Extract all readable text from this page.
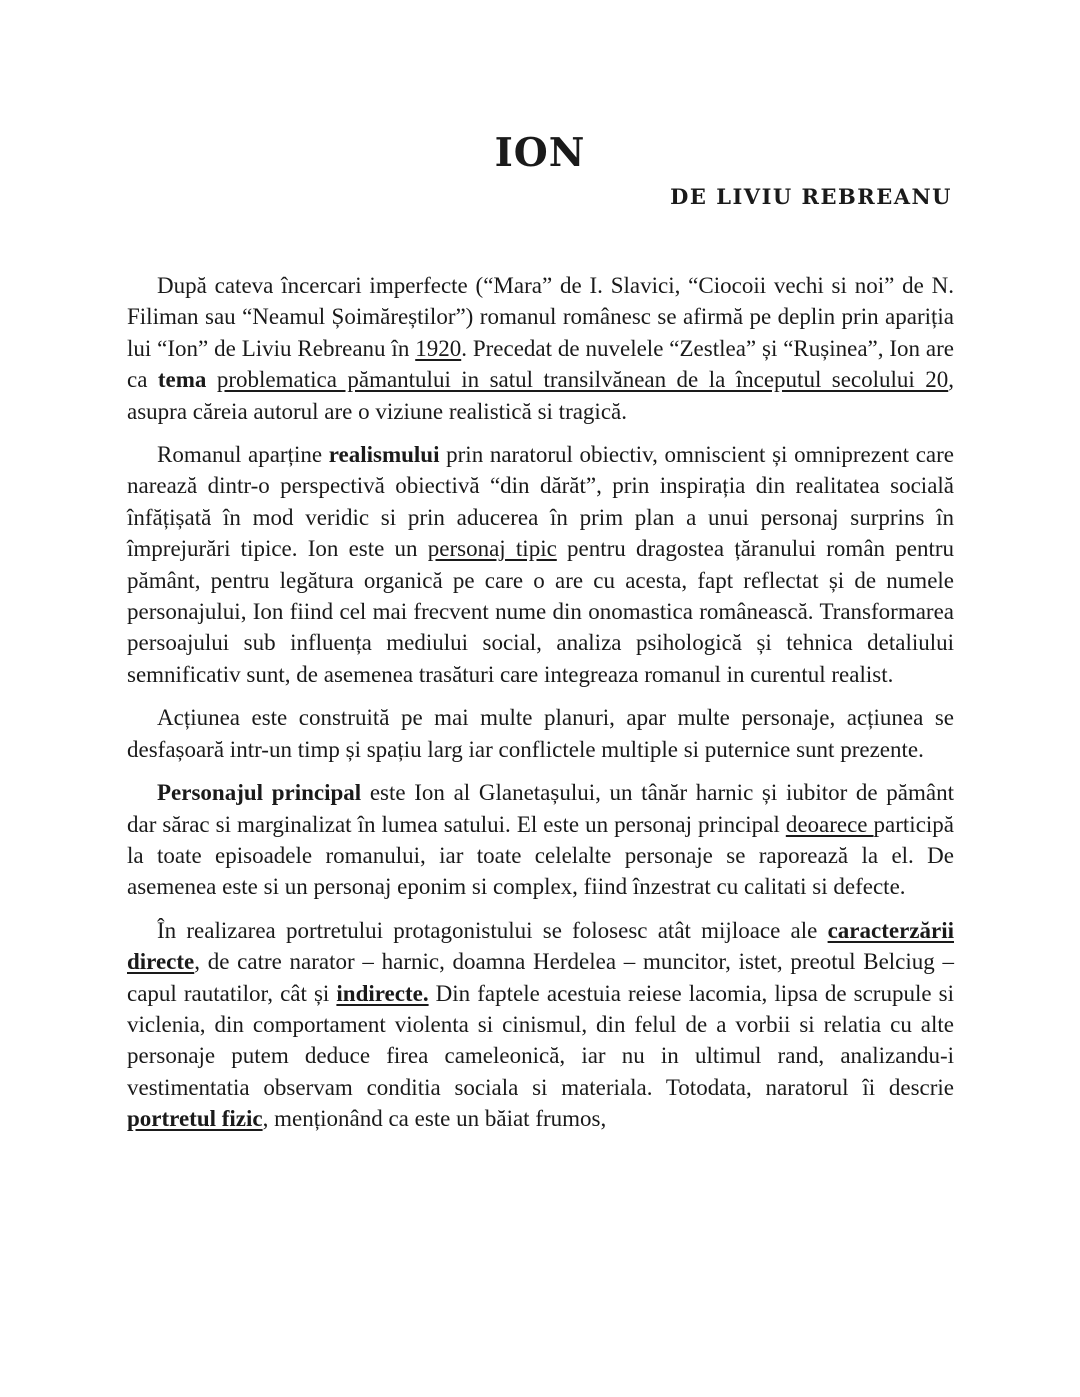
ION
DE LIVIU REBREANU

După cateva încercari imperfecte (“Mara” de I. Slavici, “Ciocoii vechi si noi” de N. Filiman sau “Neamul Șoimăreștilor”) romanul românesc se afirmă pe deplin prin apariția lui “Ion” de Liviu Rebreanu în 1920. Precedat de nuvelele “Zestlea” și “Rușinea”, Ion are ca tema problematica pămantului in satul transilvănean de la începutul secolului 20, asupra căreia autorul are o viziune realistică si tragică.

Romanul aparține realismului prin naratorul obiectiv, omniscient și omniprezent care narează dintr-o perspectivă obiectivă “din dărăt”, prin inspirația din realitatea socială înfățișată în mod veridic si prin aducerea în prim plan a unui personaj surprins în împrejurări tipice. Ion este un personaj tipic pentru dragostea țăranului român pentru pământ, pentru legătura organică pe care o are cu acesta, fapt reflectat și de numele personajului, Ion fiind cel mai frecvent nume din onomastica românească. Transformarea persoajului sub influența mediului social, analiza psihologică și tehnica detaliului semnificativ sunt, de asemenea trasături care integreaza romanul in curentul realist.

Acțiunea este construită pe mai multe planuri, apar multe personaje, acțiunea se desfașoară intr-un timp și spațiu larg iar conflictele multiple si puternice sunt prezente.

Personajul principal este Ion al Glanetașului, un tânăr harnic și iubitor de pământ dar sărac si marginalizat în lumea satului. El este un personaj principal deoarece participă la toate episoadele romanului, iar toate celelalte personaje se raporează la el. De asemenea este si un personaj eponim si complex, fiind înzestrat cu calitati si defecte.

În realizarea portretului protagonistului se folosesc atât mijloace ale caracterzării directe, de catre narator – harnic, doamna Herdelea – muncitor, istet, preotul Belciug – capul rautatilor, cât și indirecte. Din faptele acestuia reiese lacomia, lipsa de scrupule si viclenia, din comportament violenta si cinismul, din felul de a vorbii si relatia cu alte personaje putem deduce firea cameleonică, iar nu in ultimul rand, analizandu-i vestimentatia observam conditia sociala si materiala. Totodata, naratorul îi descrie portretul fizic, menționând ca este un băiat frumos,
